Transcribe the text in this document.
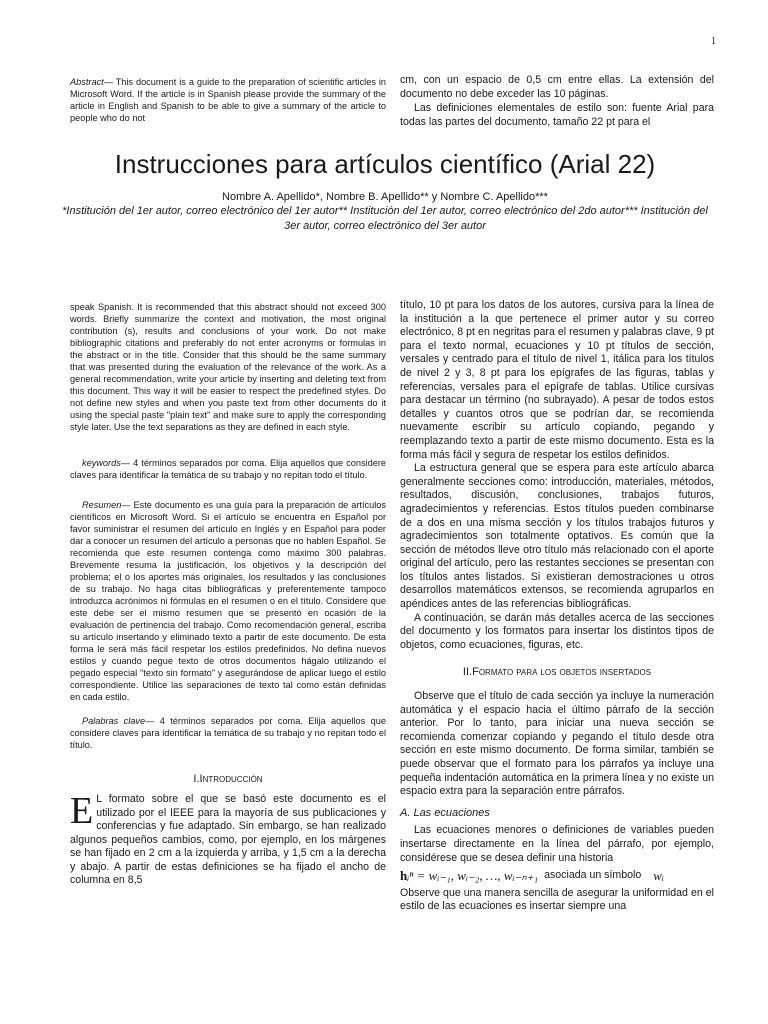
1
Abstract— This document is a guide to the preparation of scientific articles in Microsoft Word. If the article is in Spanish please provide the summary of the article in English and Spanish to be able to give a summary of the article to people who do not
cm, con un espacio de 0,5 cm entre ellas. La extensión del documento no debe exceder las 10 páginas.
Las definiciones elementales de estilo son: fuente Arial para todas las partes del documento, tamaño 22 pt para el
Instrucciones para artículos científico (Arial 22)
Nombre A. Apellido*, Nombre B. Apellido** y Nombre C. Apellido***
*Institución del 1er autor, correo electrónico del 1er autor** Institución del 1er autor, correo electrónico del 2do autor*** Institución del 3er autor, correo electrónico del 3er autor

speak Spanish. It is recommended that this abstract should not exceed 300 words. Briefly summarize the context and motivation, the most original contribution (s), results and conclusions of your work. Do not make bibliographic citations and preferably do not enter acronyms or formulas in the abstract or in the title. Consider that this should be the same summary that was presented during the evaluation of the relevance of the work. As a general recommendation, write your article by inserting and deleting text from this document. This way it will be easier to respect the predefined styles. Do not define new styles and when you paste text from other documents do it using the special paste "plain text" and make sure to apply the corresponding style later. Use the text separations as they are defined in each style.

keywords— 4 términos separados por coma. Elija aquellos que considere claves para identificar la temática de su trabajo y no repitan todo el título.

Resumen— Este documento es una guía para la preparación de artículos científicos en Microsoft Word. Si el artículo se encuentra en Español por favor suministrar el resumen del artículo en Inglés y en Español para poder dar a conocer un resumen del artículo a personas que no hablen Español. Se recomienda que este resumen contenga como máximo 300 palabras. Brevemente resuma la justificación, los objetivos y la descripción del problema; el o los aportes más originales, los resultados y las conclusiones de su trabajo. No haga citas bibliográficas y preferentemente tampoco introduzca acrónimos ni fórmulas en el resumen o en el título. Considere que este debe ser el mismo resumen que se presentó en ocasión de la evaluación de pertinencia del trabajo. Como recomendación general, escriba su artículo insertando y eliminado texto a partir de este documento. De esta forma le será más fácil respetar los estilos predefinidos. No defina nuevos estilos y cuando pegue texto de otros documentos hágalo utilizando el pegado especial "texto sin formato" y asegurándose de aplicar luego el estilo correspondiente. Utilice las separaciones de texto tal como están definidas en cada estilo.

Palabras clave— 4 términos separados por coma. Elija aquellos que considere claves para identificar la temática de su trabajo y no repitan todo el título.

I.Introducción
E L formato sobre el que se basó este documento es el utilizado por el IEEE para la mayoría de sus publicaciones y conferencias y fue adaptado. Sin embargo, se han realizado algunos pequeños cambios, como, por ejemplo, en los márgenes se han fijado en 2 cm a la izquierda y arriba, y 1,5 cm a la derecha y abajo. A partir de estas definiciones se ha fijado el ancho de columna en 8,5

título, 10 pt para los datos de los autores, cursiva para la línea de la institución a la que pertenece el primer autor y su correo electrónico, 8 pt en negritas para el resumen y palabras clave, 9 pt para el texto normal, ecuaciones y 10 pt títulos de sección, versales y centrado para el título de nivel 1, itálica para los títulos de nivel 2 y 3, 8 pt para los epígrafes de las figuras, tablas y referencias, versales para el epígrafe de tablas. Utilice cursivas para destacar un término (no subrayado). A pesar de todos estos detalles y cuantos otros que se podrían dar, se recomienda nuevamente escribir su artículo copiando, pegando y reemplazando texto a partir de este mismo documento. Esta es la forma más fácil y segura de respetar los estilos definidos.

La estructura general que se espera para este artículo abarca generalmente secciones como: introducción, materiales, métodos, resultados, discusión, conclusiones, trabajos futuros, agradecimientos y referencias. Estos títulos pueden combinarse de a dos en una misma sección y los títulos trabajos futuros y agradecimientos son totalmente optativos. Es común que la sección de métodos lleve otro título más relacionado con el aporte original del artículo, pero las restantes secciones se presentan con los títulos antes listados. Si existieran demostraciones u otros desarrollos matemáticos extensos, se recomienda agruparlos en apéndices antes de las referencias bibliográficas.

A continuación, se darán más detalles acerca de las secciones del documento y los formatos para insertar los distintos tipos de objetos, como ecuaciones, figuras, etc.

II.Formato para los objetos insertados

Observe que el título de cada sección ya incluye la numeración automática y el espacio hacia el último párrafo de la sección anterior. Por lo tanto, para iniciar una nueva sección se recomienda comenzar copiando y pegando el título desde otra sección en este mismo documento. De forma similar, también se puede observar que el formato para los párrafos ya incluye una pequeña indentación automática en la primera línea y no existe un espacio extra para la separación entre párrafos.

A. Las ecuaciones

Las ecuaciones menores o definiciones de variables pueden insertarse directamente en la línea del párrafo, por ejemplo, considérese que se desea definir una historia

hᵢⁿ = wᵢ₋₁, wᵢ₋₂, …, wᵢ₋ₙ₊₁ asociada un símbolo wᵢ

Observe que una manera sencilla de asegurar la uniformidad en el estilo de las ecuaciones es insertar siempre una
